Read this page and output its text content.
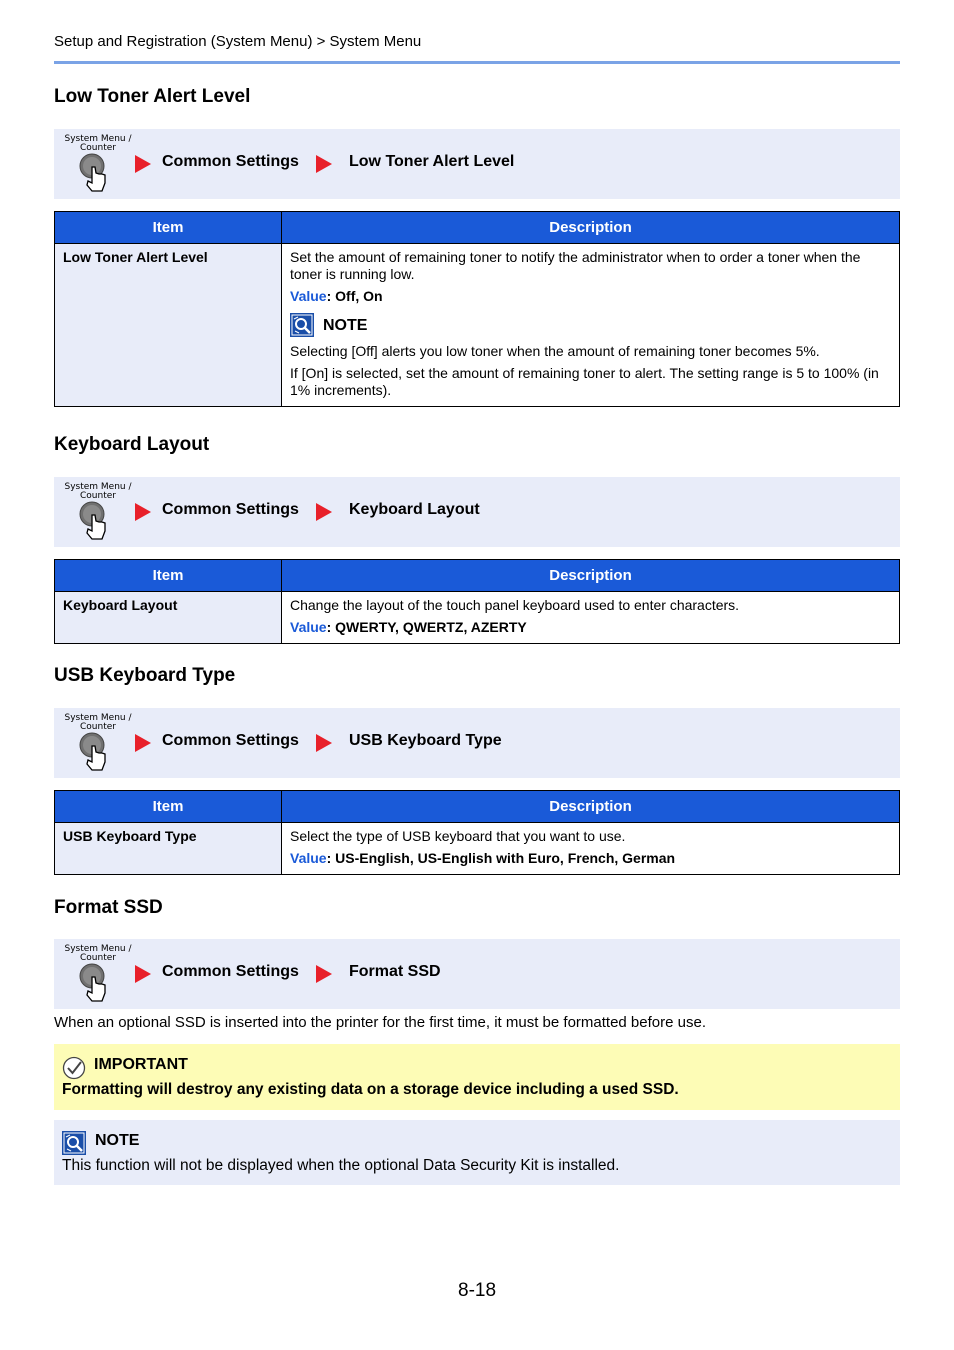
Setup and Registration (System Menu) > System Menu
Low Toner Alert Level
System Menu /
Counter
Common Settings	Low Toner Alert Level
Item	Description
Low Toner Alert Level	Set the amount of remaining toner to notify the administrator when to order a toner when the toner is running low.

Value: Off, On

NOTE

Selecting [Off] alerts you low toner when the amount of remaining toner becomes 5%.

If [On] is selected, set the amount of remaining toner to alert. The setting range is 5 to 100% (in 1% increments).

Keyboard Layout
System Menu /
Counter
Common Settings	Keyboard Layout
Item	Description
Keyboard Layout	Change the layout of the touch panel keyboard used to enter characters.

Value: QWERTY, QWERTZ, AZERTY

USB Keyboard Type
System Menu /
Counter
Common Settings	USB Keyboard Type
Item	Description
USB Keyboard Type	Select the type of USB keyboard that you want to use.

Value: US-English, US-English with Euro, French, German

Format SSD
System Menu /
Counter
Common Settings	Format SSD
When an optional SSD is inserted into the printer for the first time, it must be formatted before use.
IMPORTANT
Formatting will destroy any existing data on a storage device including a used SSD.
NOTE
This function will not be displayed when the optional Data Security Kit is installed.
8-18
